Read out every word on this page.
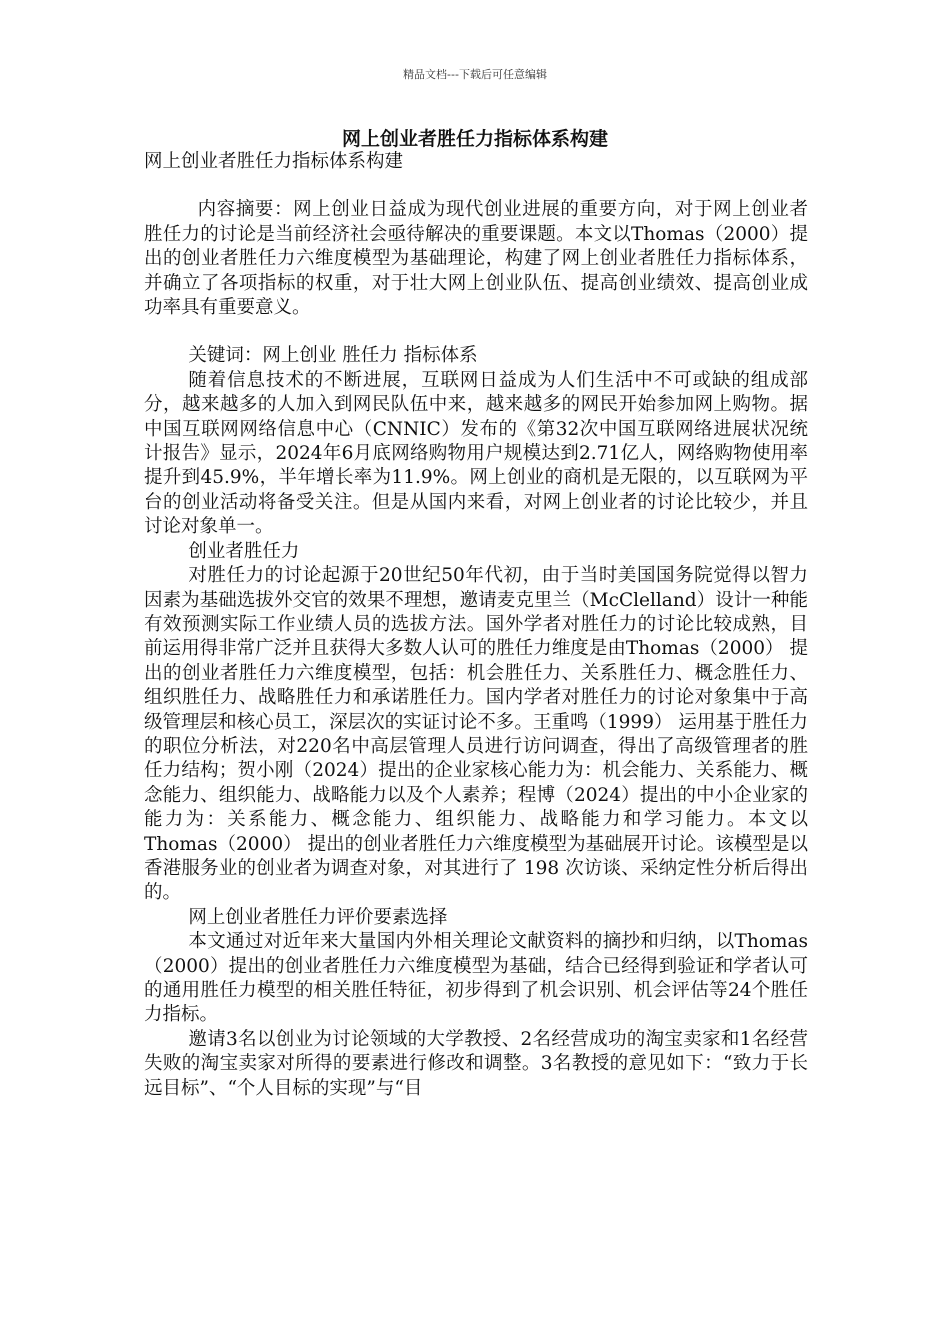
精品文档---下载后可任意编辑
网上创业者胜任力指标体系构建

网上创业者胜任力指标体系构建

内容摘要：网上创业日益成为现代创业进展的重要方向，对于网上创业者胜任力的讨论是当前经济社会亟待解决的重要课题。本文以Thomas（2000）提出的创业者胜任力六维度模型为基础理论，构建了网上创业者胜任力指标体系，并确立了各项指标的权重，对于壮大网上创业队伍、提高创业绩效、提高创业成功率具有重要意义。

关键词：网上创业 胜任力 指标体系

随着信息技术的不断进展，互联网日益成为人们生活中不可或缺的组成部分，越来越多的人加入到网民队伍中来，越来越多的网民开始参加网上购物。据中国互联网网络信息中心（CNNIC）发布的《第32次中国互联网络进展状况统计报告》显示，2024年6月底网络购物用户规模达到2.71亿人，网络购物使用率提升到45.9%，半年增长率为11.9%。网上创业的商机是无限的，以互联网为平台的创业活动将备受关注。但是从国内来看，对网上创业者的讨论比较少，并且讨论对象单一。

创业者胜任力

对胜任力的讨论起源于20世纪50年代初，由于当时美国国务院觉得以智力因素为基础选拔外交官的效果不理想，邀请麦克里兰（McClelland）设计一种能有效预测实际工作业绩人员的选拔方法。国外学者对胜任力的讨论比较成熟，目前运用得非常广泛并且获得大多数人认可的胜任力维度是由Thomas（2000） 提出的创业者胜任力六维度模型，包括：机会胜任力、关系胜任力、概念胜任力、组织胜任力、战略胜任力和承诺胜任力。国内学者对胜任力的讨论对象集中于高级管理层和核心员工，深层次的实证讨论不多。王重鸣（1999） 运用基于胜任力的职位分析法，对220名中高层管理人员进行访问调查，得出了高级管理者的胜任力结构；贺小刚（2024）提出的企业家核心能力为：机会能力、关系能力、概念能力、组织能力、战略能力以及个人素养；程博（2024）提出的中小企业家的能力为：关系能力、概念能力、组织能力、战略能力和学习能力。本文以Thomas（2000） 提出的创业者胜任力六维度模型为基础展开讨论。该模型是以香港服务业的创业者为调查对象，对其进行了 198 次访谈、采纳定性分析后得出的。

网上创业者胜任力评价要素选择

本文通过对近年来大量国内外相关理论文献资料的摘抄和归纳，以Thomas（2000）提出的创业者胜任力六维度模型为基础，结合已经得到验证和学者认可的通用胜任力模型的相关胜任特征，初步得到了机会识别、机会评估等24个胜任力指标。

邀请3名以创业为讨论领域的大学教授、2名经营成功的淘宝卖家和1名经营失败的淘宝卖家对所得的要素进行修改和调整。3名教授的意见如下：“致力于长远目标”、“个人目标的实现”与“目
